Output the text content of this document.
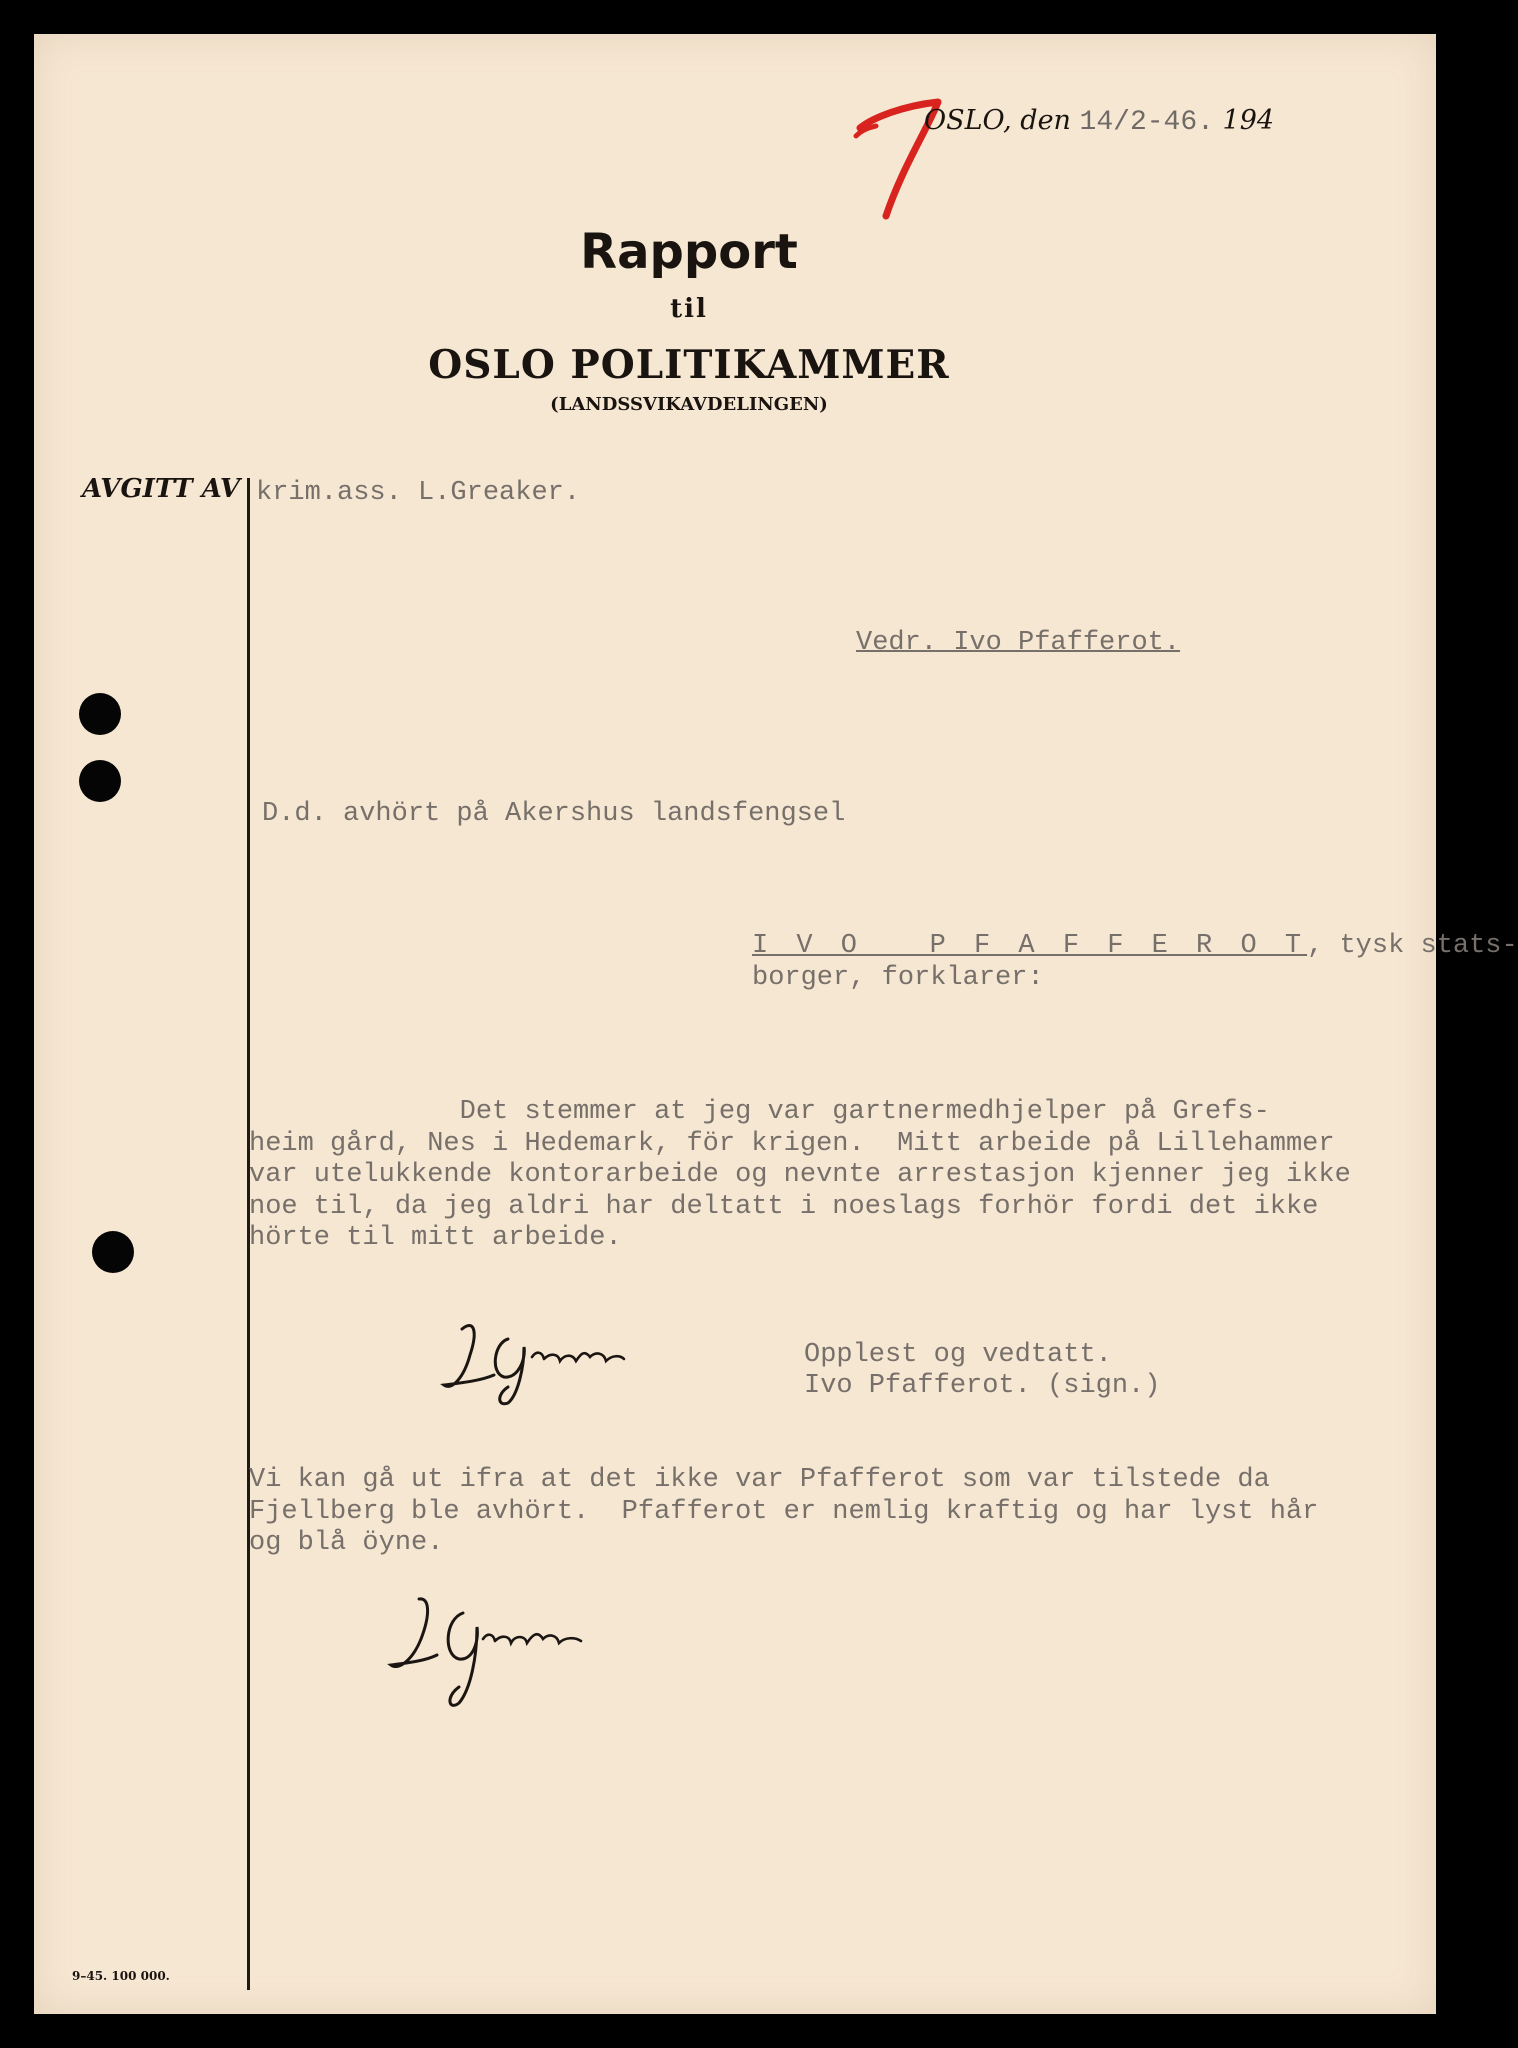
OSLO, den 14/2-46. 194
Rapport
til
OSLO POLITIKAMMER
(LANDSSVIKAVDELINGEN)
AVGITT AV krim.ass. L.Greaker.
Vedr. Ivo Pfafferot.
D.d. avhört på Akershus landsfengsel
I V O   P F A F F E R O T, tysk stats-
borger, forklarer:
Det stemmer at jeg var gartnermedhjelper på Grefs-
heim gård, Nes i Hedemark, för krigen.  Mitt arbeide på Lillehammer
var utelukkende kontorarbeide og nevnte arrestasjon kjenner jeg ikke
noe til, da jeg aldri har deltatt i noeslags forhör fordi det ikke
hörte til mitt arbeide.
Opplest og vedtatt.
Ivo Pfafferot. (sign.)
Vi kan gå ut ifra at det ikke var Pfafferot som var tilstede da
Fjellberg ble avhört.  Pfafferot er nemlig kraftig og har lyst hår
og blå öyne.
9–45. 100 000.
